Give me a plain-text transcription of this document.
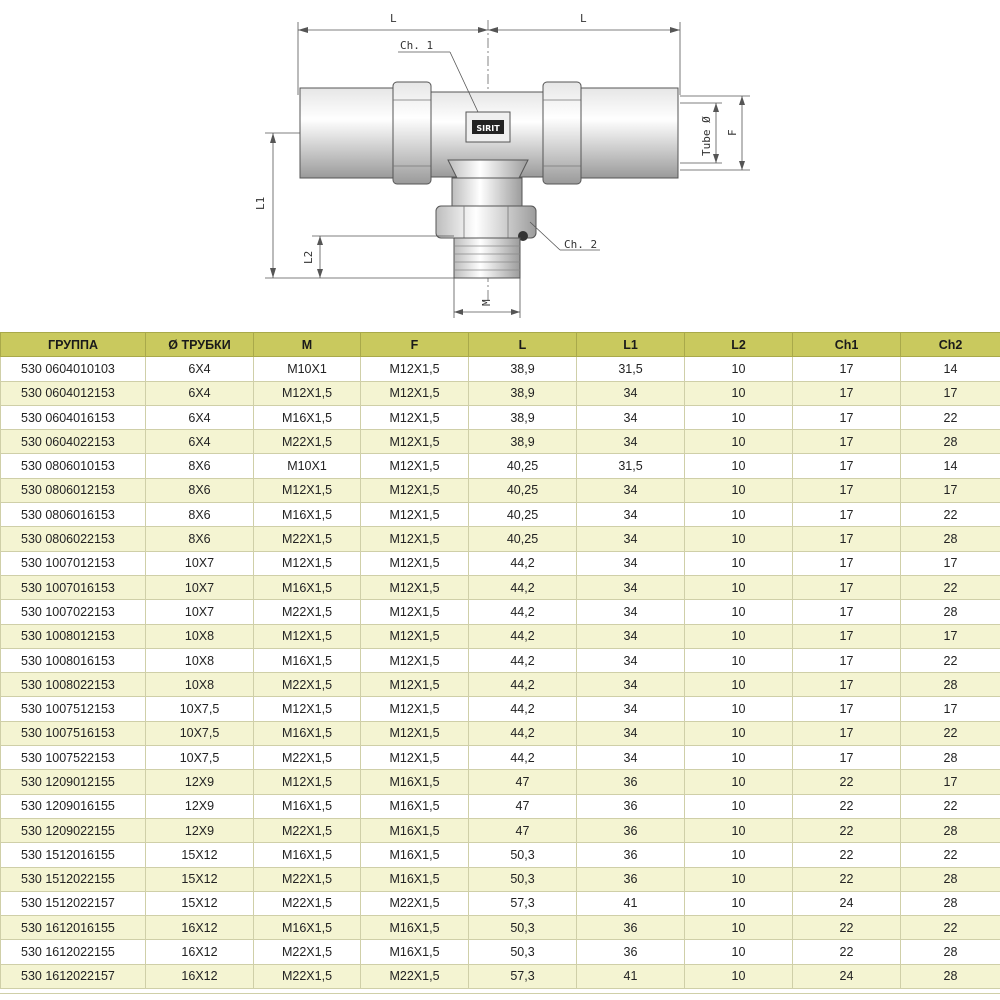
L	L
SIRIT
Ch. 1
Ch. 2
L1
L2
M
Tube Ø F
ГРУППА	Ø ТРУБКИ	M	F	L	L1	L2	Ch1	Ch2
530 0604010103	6X4	M10X1	M12X1,5	38,9	31,5	10	17	14
530 0604012153	6X4	M12X1,5	M12X1,5	38,9	34	10	17	17
530 0604016153	6X4	M16X1,5	M12X1,5	38,9	34	10	17	22
530 0604022153	6X4	M22X1,5	M12X1,5	38,9	34	10	17	28
530 0806010153	8X6	M10X1	M12X1,5	40,25	31,5	10	17	14
530 0806012153	8X6	M12X1,5	M12X1,5	40,25	34	10	17	17
530 0806016153	8X6	M16X1,5	M12X1,5	40,25	34	10	17	22
530 0806022153	8X6	M22X1,5	M12X1,5	40,25	34	10	17	28
530 1007012153	10X7	M12X1,5	M12X1,5	44,2	34	10	17	17
530 1007016153	10X7	M16X1,5	M12X1,5	44,2	34	10	17	22
530 1007022153	10X7	M22X1,5	M12X1,5	44,2	34	10	17	28
530 1008012153	10X8	M12X1,5	M12X1,5	44,2	34	10	17	17
530 1008016153	10X8	M16X1,5	M12X1,5	44,2	34	10	17	22
530 1008022153	10X8	M22X1,5	M12X1,5	44,2	34	10	17	28
530 1007512153	10X7,5	M12X1,5	M12X1,5	44,2	34	10	17	17
530 1007516153	10X7,5	M16X1,5	M12X1,5	44,2	34	10	17	22
530 1007522153	10X7,5	M22X1,5	M12X1,5	44,2	34	10	17	28
530 1209012155	12X9	M12X1,5	M16X1,5	47	36	10	22	17
530 1209016155	12X9	M16X1,5	M16X1,5	47	36	10	22	22
530 1209022155	12X9	M22X1,5	M16X1,5	47	36	10	22	28
530 1512016155	15X12	M16X1,5	M16X1,5	50,3	36	10	22	22
530 1512022155	15X12	M22X1,5	M16X1,5	50,3	36	10	22	28
530 1512022157	15X12	M22X1,5	M22X1,5	57,3	41	10	24	28
530 1612016155	16X12	M16X1,5	M16X1,5	50,3	36	10	22	22
530 1612022155	16X12	M22X1,5	M16X1,5	50,3	36	10	22	28
530 1612022157	16X12	M22X1,5	M22X1,5	57,3	41	10	24	28
